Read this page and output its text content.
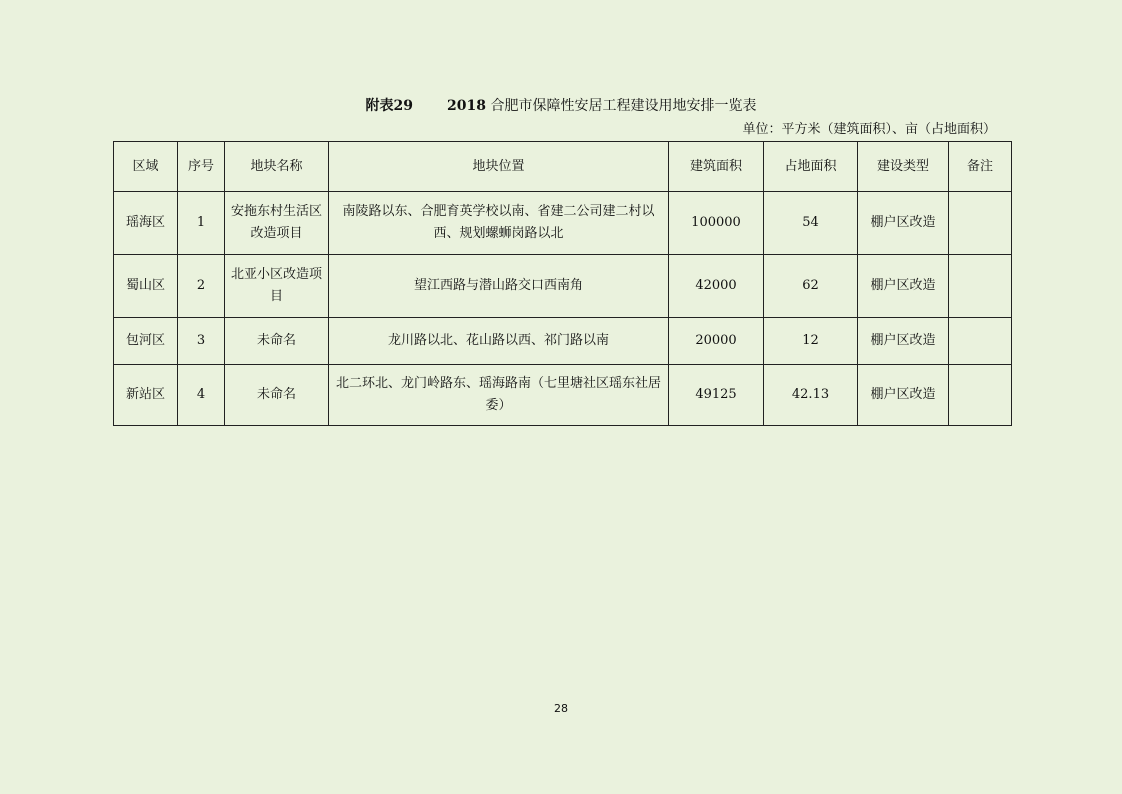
附表29 2018 合肥市保障性安居工程建设用地安排一览表
单位：平方米（建筑面积）、亩（占地面积）
区域	序号	地块名称	地块位置	建筑面积	占地面积	建设类型	备注
瑶海区	1	安拖东村生活区改造项目	南陵路以东、合肥育英学校以南、省建二公司建二村以西、规划螺蛳岗路以北	100000	54	棚户区改造	
蜀山区	2	北亚小区改造项目	望江西路与潜山路交口西南角	42000	62	棚户区改造	
包河区	3	未命名	龙川路以北、花山路以西、祁门路以南	20000	12	棚户区改造	
新站区	4	未命名	北二环北、龙门岭路东、瑶海路南（七里塘社区瑶东社居委）	49125	42.13	棚户区改造	
28
